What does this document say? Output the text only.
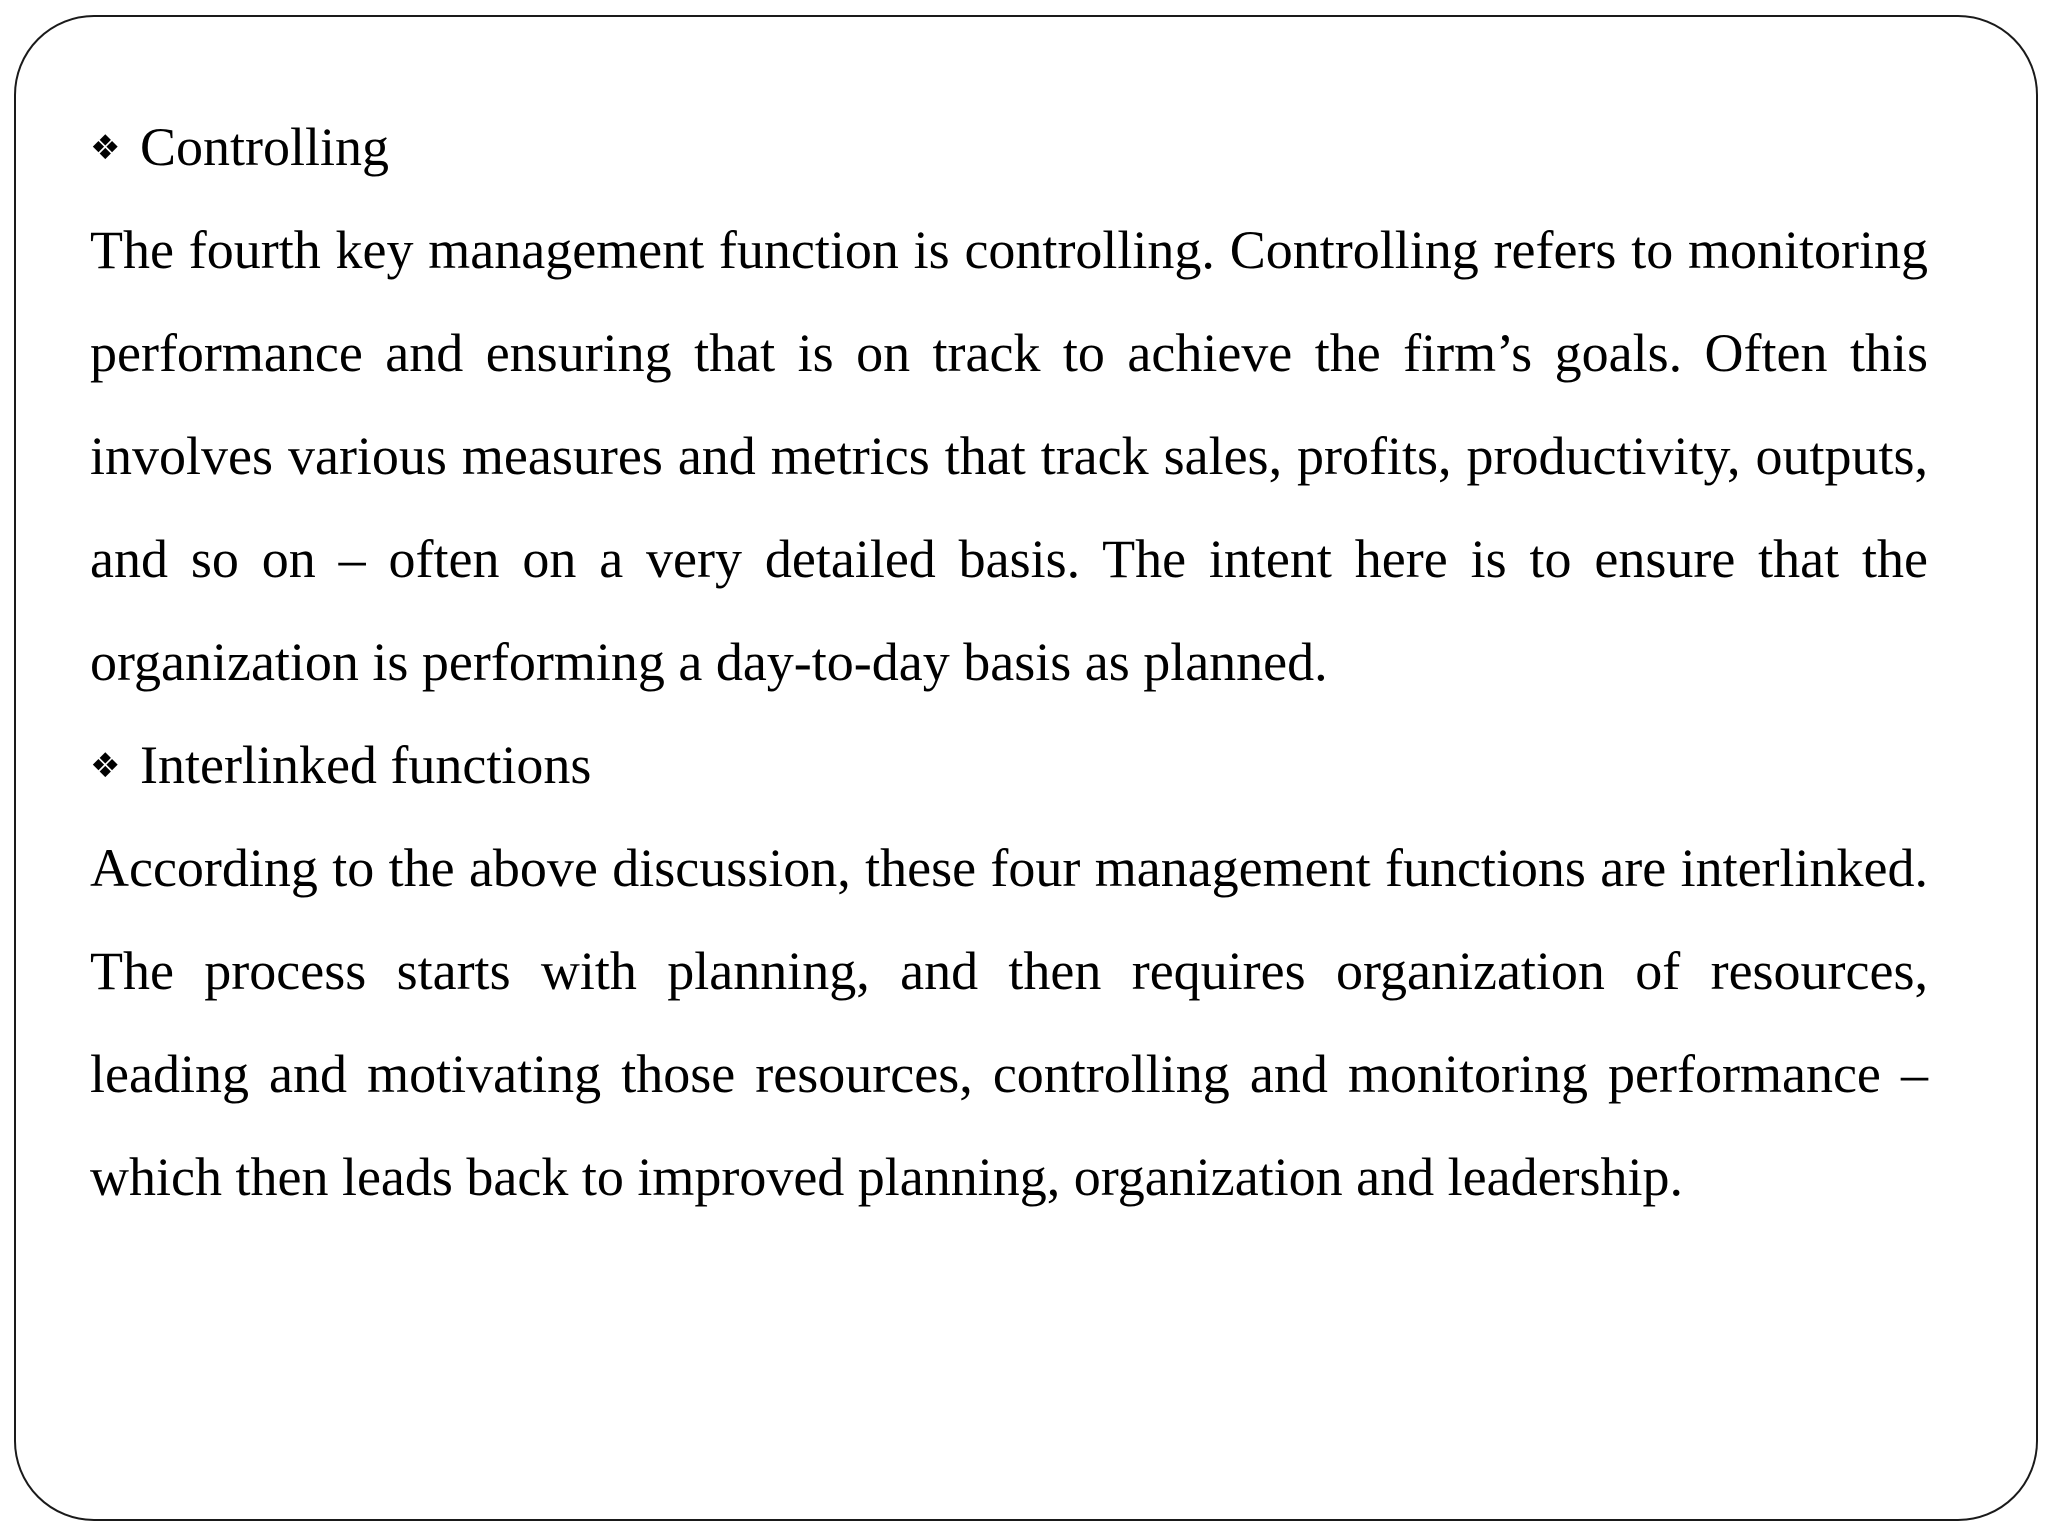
❖ Controlling

The fourth key management function is controlling. Controlling refers to monitoring performance and ensuring that is on track to achieve the firm’s goals. Often this involves various measures and metrics that track sales, profits, productivity, outputs, and so on – often on a very detailed basis. The intent here is to ensure that the organization is performing a day-to-day basis as planned.

❖ Interlinked functions

According to the above discussion, these four management functions are interlinked. The process starts with planning, and then requires organization of resources, leading and motivating those resources, controlling and monitoring performance – which then leads back to improved planning, organization and leadership.
